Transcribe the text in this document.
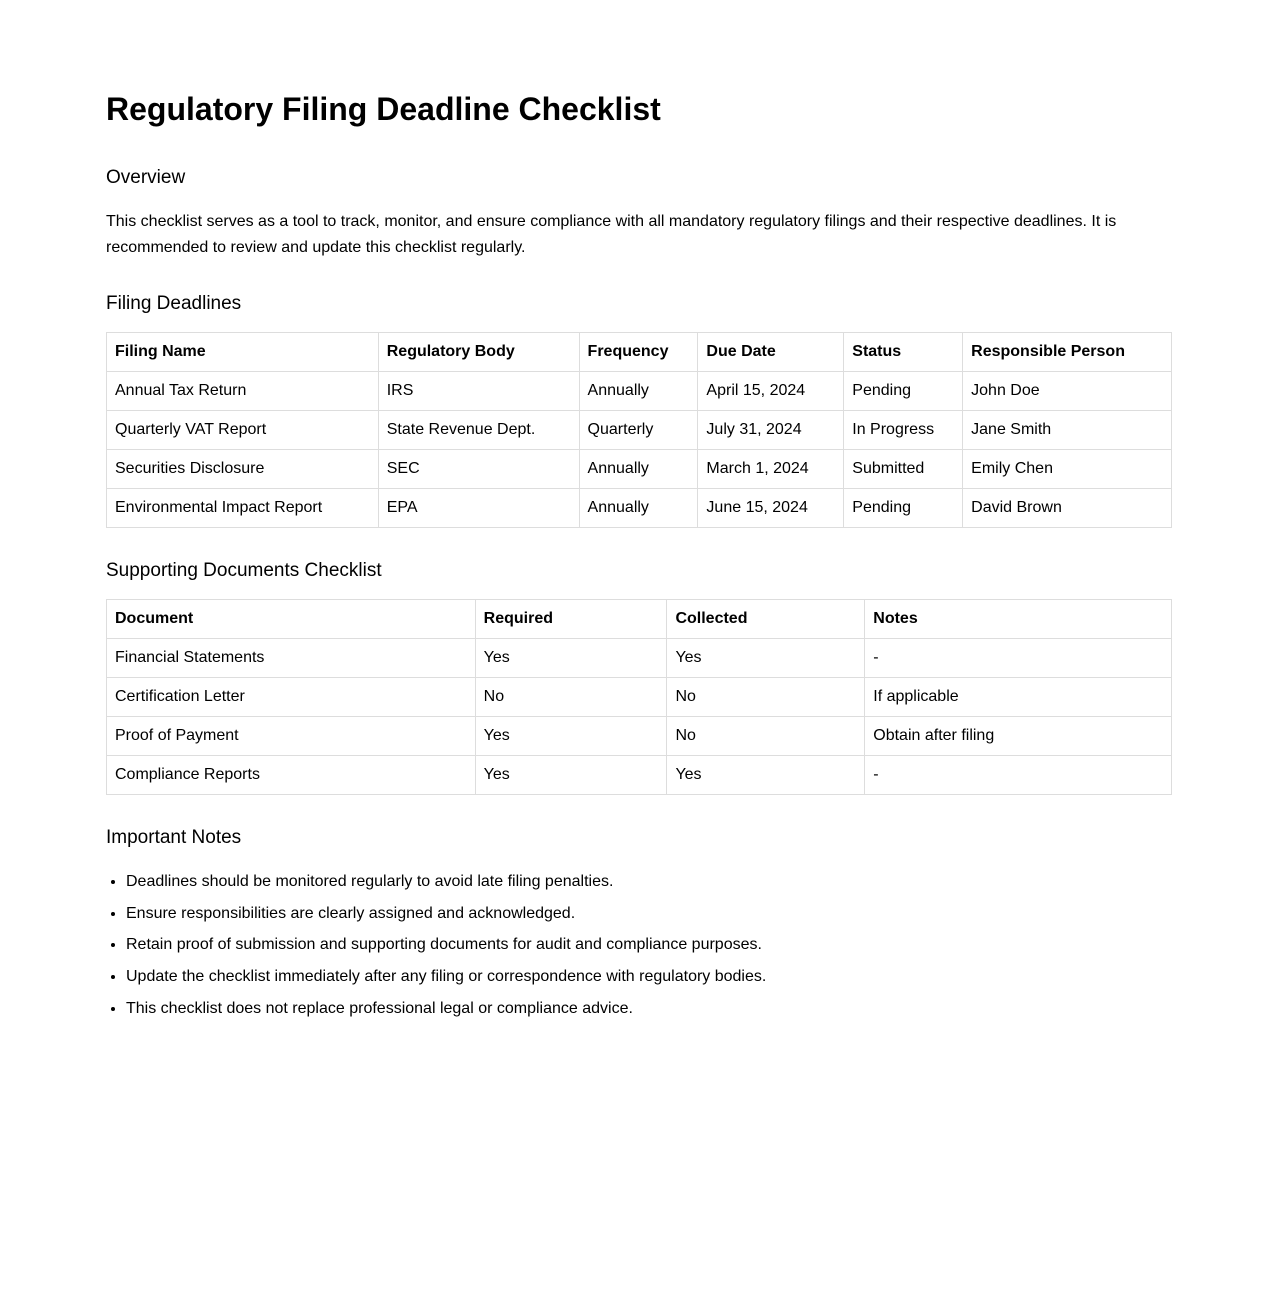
Regulatory Filing Deadline Checklist
Overview

This checklist serves as a tool to track, monitor, and ensure compliance with all mandatory regulatory filings and their respective deadlines. It is recommended to review and update this checklist regularly.

Filing Deadlines
Filing Name	Regulatory Body	Frequency	Due Date	Status	Responsible Person
Annual Tax Return	IRS	Annually	April 15, 2024	Pending	John Doe
Quarterly VAT Report	State Revenue Dept.	Quarterly	July 31, 2024	In Progress	Jane Smith
Securities Disclosure	SEC	Annually	March 1, 2024	Submitted	Emily Chen
Environmental Impact Report	EPA	Annually	June 15, 2024	Pending	David Brown
Supporting Documents Checklist
Document	Required	Collected	Notes
Financial Statements	Yes	Yes	-
Certification Letter	No	No	If applicable
Proof of Payment	Yes	No	Obtain after filing
Compliance Reports	Yes	Yes	-
Important Notes
• Deadlines should be monitored regularly to avoid late filing penalties.
• Ensure responsibilities are clearly assigned and acknowledged.
• Retain proof of submission and supporting documents for audit and compliance purposes.
• Update the checklist immediately after any filing or correspondence with regulatory bodies.
• This checklist does not replace professional legal or compliance advice.
